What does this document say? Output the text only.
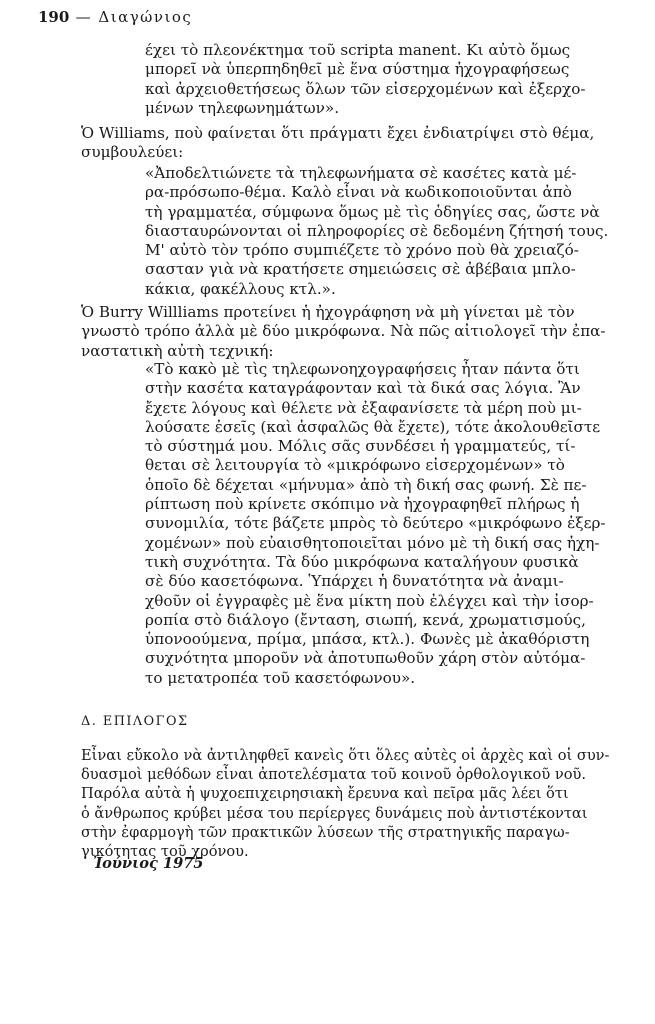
190 — Διαγώνιος

έχει τὸ πλεονέκτημα τοῦ scripta manent. Κι αὐτὸ ὅμως

μπορεῖ νὰ ὑπερπηδηθεῖ μὲ ἕνα σύστημα ἠχογραφήσεως

καὶ ἀρχειοθετήσεως ὅλων τῶν εἰσερχομένων καὶ ἐξερχο-

μένων τηλεφωνημάτων».

Ὁ Williams, ποὺ φαίνεται ὅτι πράγματι ἔχει ἐνδιατρίψει στὸ θέμα,

συμβουλεύει:

«Ἀποδελτιώνετε τὰ τηλεφωνήματα σὲ κασέτες κατὰ μέ-

ρα-πρόσωπο-θέμα. Καλὸ εἶναι νὰ κωδικοποιοῦνται ἀπὸ

τὴ γραμματέα, σύμφωνα ὅμως μὲ τὶς ὁδηγίες σας, ὥστε νὰ

διασταυρώνονται οἱ πληροφορίες σὲ δεδομένη ζήτησή τους.

Μ' αὐτὸ τὸν τρόπο συμπιέζετε τὸ χρόνο ποὺ θὰ χρειαζό-

σασταν γιὰ νὰ κρατήσετε σημειώσεις σὲ ἀβέβαια μπλο-

κάκια, φακέλλους κτλ.».

Ὁ Burry Willliams προτείνει ἡ ἠχογράφηση νὰ μὴ γίνεται μὲ τὸν

γνωστὸ τρόπο ἀλλὰ μὲ δύο μικρόφωνα. Νὰ πῶς αἰτιολογεῖ τὴν ἐπα-

ναστατικὴ αὐτὴ τεχνική:

«Τὸ κακὸ μὲ τὶς τηλεφωνοηχογραφήσεις ἦταν πάντα ὅτι

στὴν κασέτα καταγράφονταν καὶ τὰ δικά σας λόγια. Ἂν

ἔχετε λόγους καὶ θέλετε νὰ ἐξαφανίσετε τὰ μέρη ποὺ μι-

λούσατε ἐσεῖς (καὶ ἀσφαλῶς θὰ ἔχετε), τότε ἀκολουθεῖστε

τὸ σύστημά μου. Μόλις σᾶς συνδέσει ἡ γραμματεύς, τί-

θεται σὲ λειτουργία τὸ «μικρόφωνο εἰσερχομένων» τὸ

ὁποῖο δὲ δέχεται «μήνυμα» ἀπὸ τὴ δική σας φωνή. Σὲ πε-

ρίπτωση ποὺ κρίνετε σκόπιμο νὰ ἠχογραφηθεῖ πλήρως ἡ

συνομιλία, τότε βάζετε μπρὸς τὸ δεύτερο «μικρόφωνο ἐξερ-

χομένων» ποὺ εὐαισθητοποιεῖται μόνο μὲ τὴ δική σας ἠχη-

τικὴ συχνότητα. Τὰ δύο μικρόφωνα καταλήγουν φυσικὰ

σὲ δύο κασετόφωνα. Ὑπάρχει ἡ δυνατότητα νὰ ἀναμι-

χθοῦν οἱ ἐγγραφὲς μὲ ἕνα μίκτη ποὺ ἐλέγχει καὶ τὴν ἰσορ-

ροπία στὸ διάλογο (ἔνταση, σιωπή, κενά, χρωματισμούς,

ὑπονοούμενα, πρίμα, μπάσα, κτλ.). Φωνὲς μὲ ἀκαθόριστη

συχνότητα μποροῦν νὰ ἀποτυπωθοῦν χάρη στὸν αὐτόμα-

το μετατροπέα τοῦ κασετόφωνου».

Δ. ΕΠΙΛΟΓΟΣ

Εἶναι εὔκολο νὰ ἀντιληφθεῖ κανεὶς ὅτι ὅλες αὐτὲς οἱ ἀρχὲς καὶ οἱ συν-

δυασμοὶ μεθόδων εἶναι ἀποτελέσματα τοῦ κοινοῦ ὀρθολογικοῦ νοῦ.

Παρόλα αὐτὰ ἡ ψυχοεπιχειρησιακὴ ἔρευνα καὶ πεῖρα μᾶς λέει ὅτι

ὁ ἄνθρωπος κρύβει μέσα του περίεργες δυνάμεις ποὺ ἀντιστέκονται

στὴν ἐφαρμογὴ τῶν πρακτικῶν λύσεων τῆς στρατηγικῆς παραγω-

γικότητας τοῦ χρόνου.

Ἰούνιος 1975
